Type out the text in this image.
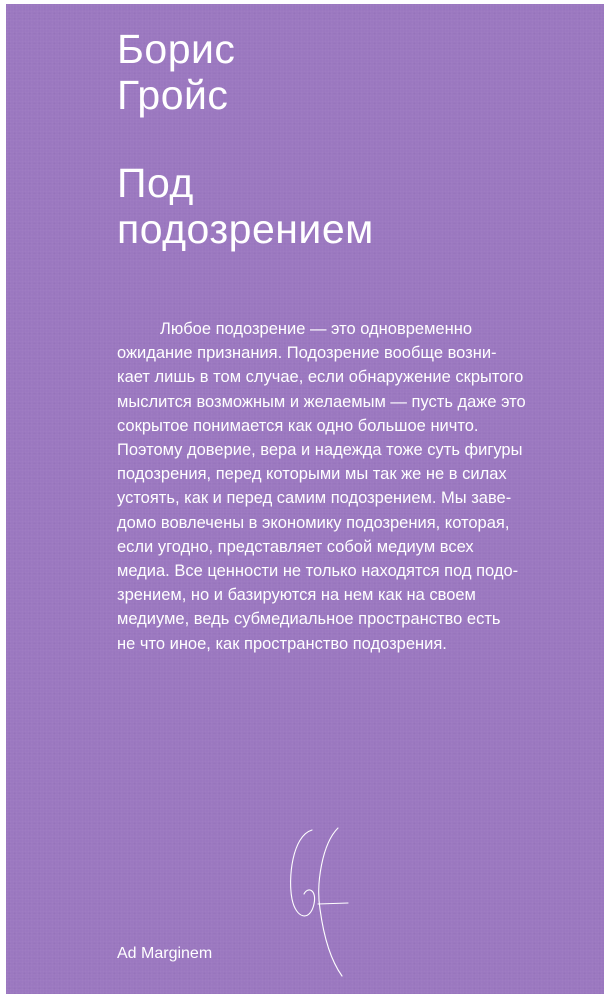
Борис
Гройс
Под
подозрением

Любое подозрение — это одновременно
ожидание признания. Подозрение вообще возни-
кает лишь в том случае, если обнаружение скрытого
мыслится возможным и желаемым — пусть даже это
сокрытое понимается как одно большое ничто.
Поэтому доверие, вера и надежда тоже суть фигуры
подозрения, перед которыми мы так же не в силах
устоять, как и перед самим подозрением. Мы заве-
домо вовлечены в экономику подозрения, которая,
если угодно, представляет собой медиум всех
медиа. Все ценности не только находятся под подо-
зрением, но и базируются на нем как на своем
медиуме, ведь субмедиальное пространство есть
не что иное, как пространство подозрения.

Ad Marginem
